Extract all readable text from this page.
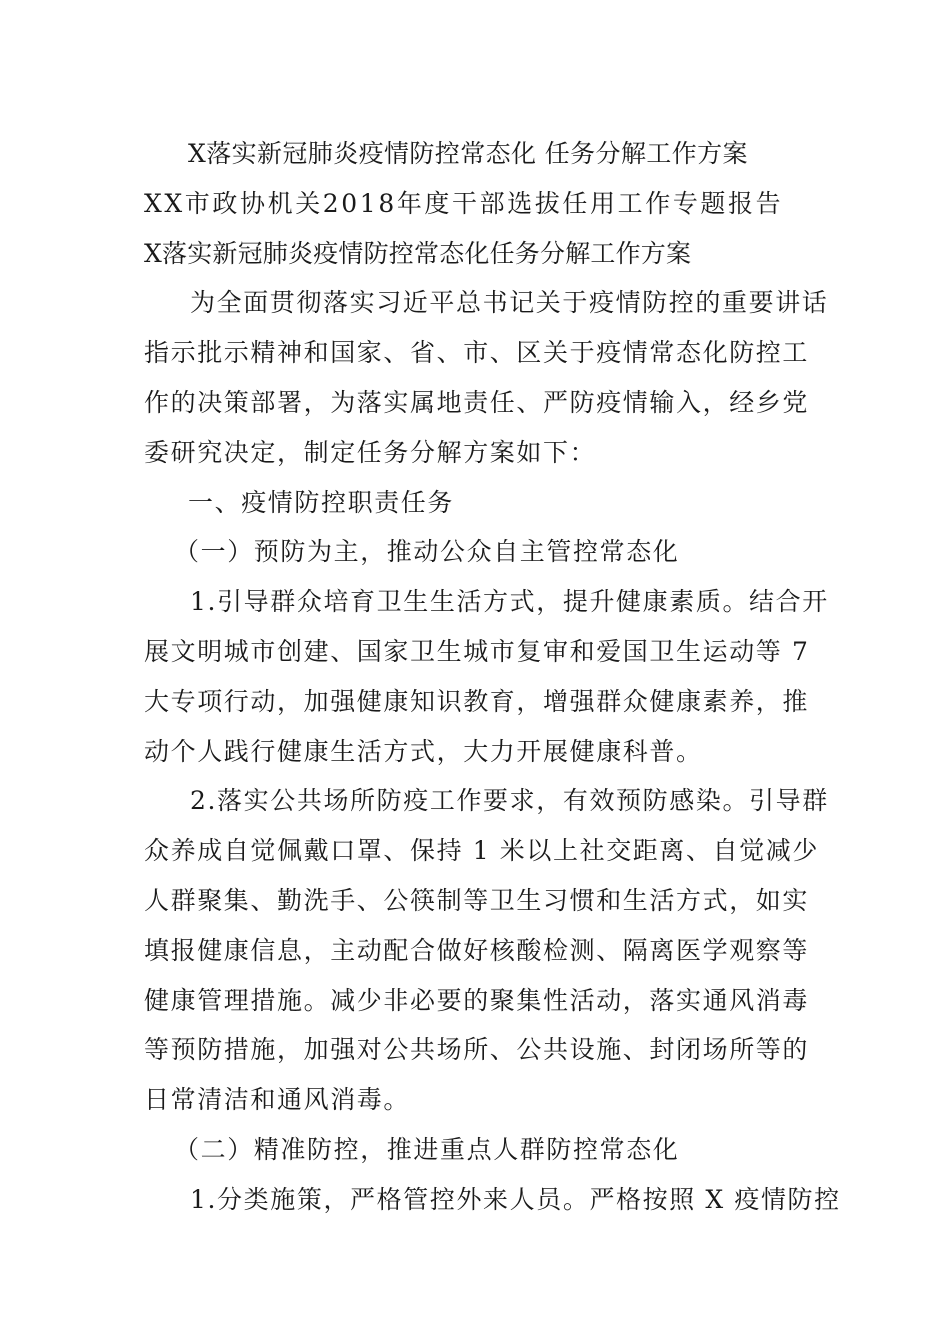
X落实新冠肺炎疫情防控常态化 任务分解工作方案
XX市政协机关2018年度干部选拔任用工作专题报告
X落实新冠肺炎疫情防控常态化任务分解工作方案
为全面贯彻落实习近平总书记关于疫情防控的重要讲话
指示批示精神和国家、省、市、区关于疫情常态化防控工
作的决策部署，为落实属地责任、严防疫情输入，经乡党
委研究决定，制定任务分解方案如下：
一、疫情防控职责任务
（一）预防为主，推动公众自主管控常态化
1.引导群众培育卫生生活方式，提升健康素质。结合开
展文明城市创建、国家卫生城市复审和爱国卫生运动等 7
大专项行动，加强健康知识教育，增强群众健康素养，推
动个人践行健康生活方式，大力开展健康科普。
2.落实公共场所防疫工作要求，有效预防感染。引导群
众养成自觉佩戴口罩、保持 1 米以上社交距离、自觉减少
人群聚集、勤洗手、公筷制等卫生习惯和生活方式，如实
填报健康信息，主动配合做好核酸检测、隔离医学观察等
健康管理措施。减少非必要的聚集性活动，落实通风消毒
等预防措施，加强对公共场所、公共设施、封闭场所等的
日常清洁和通风消毒。
（二）精准防控，推进重点人群防控常态化
1.分类施策，严格管控外来人员。严格按照 X 疫情防控
